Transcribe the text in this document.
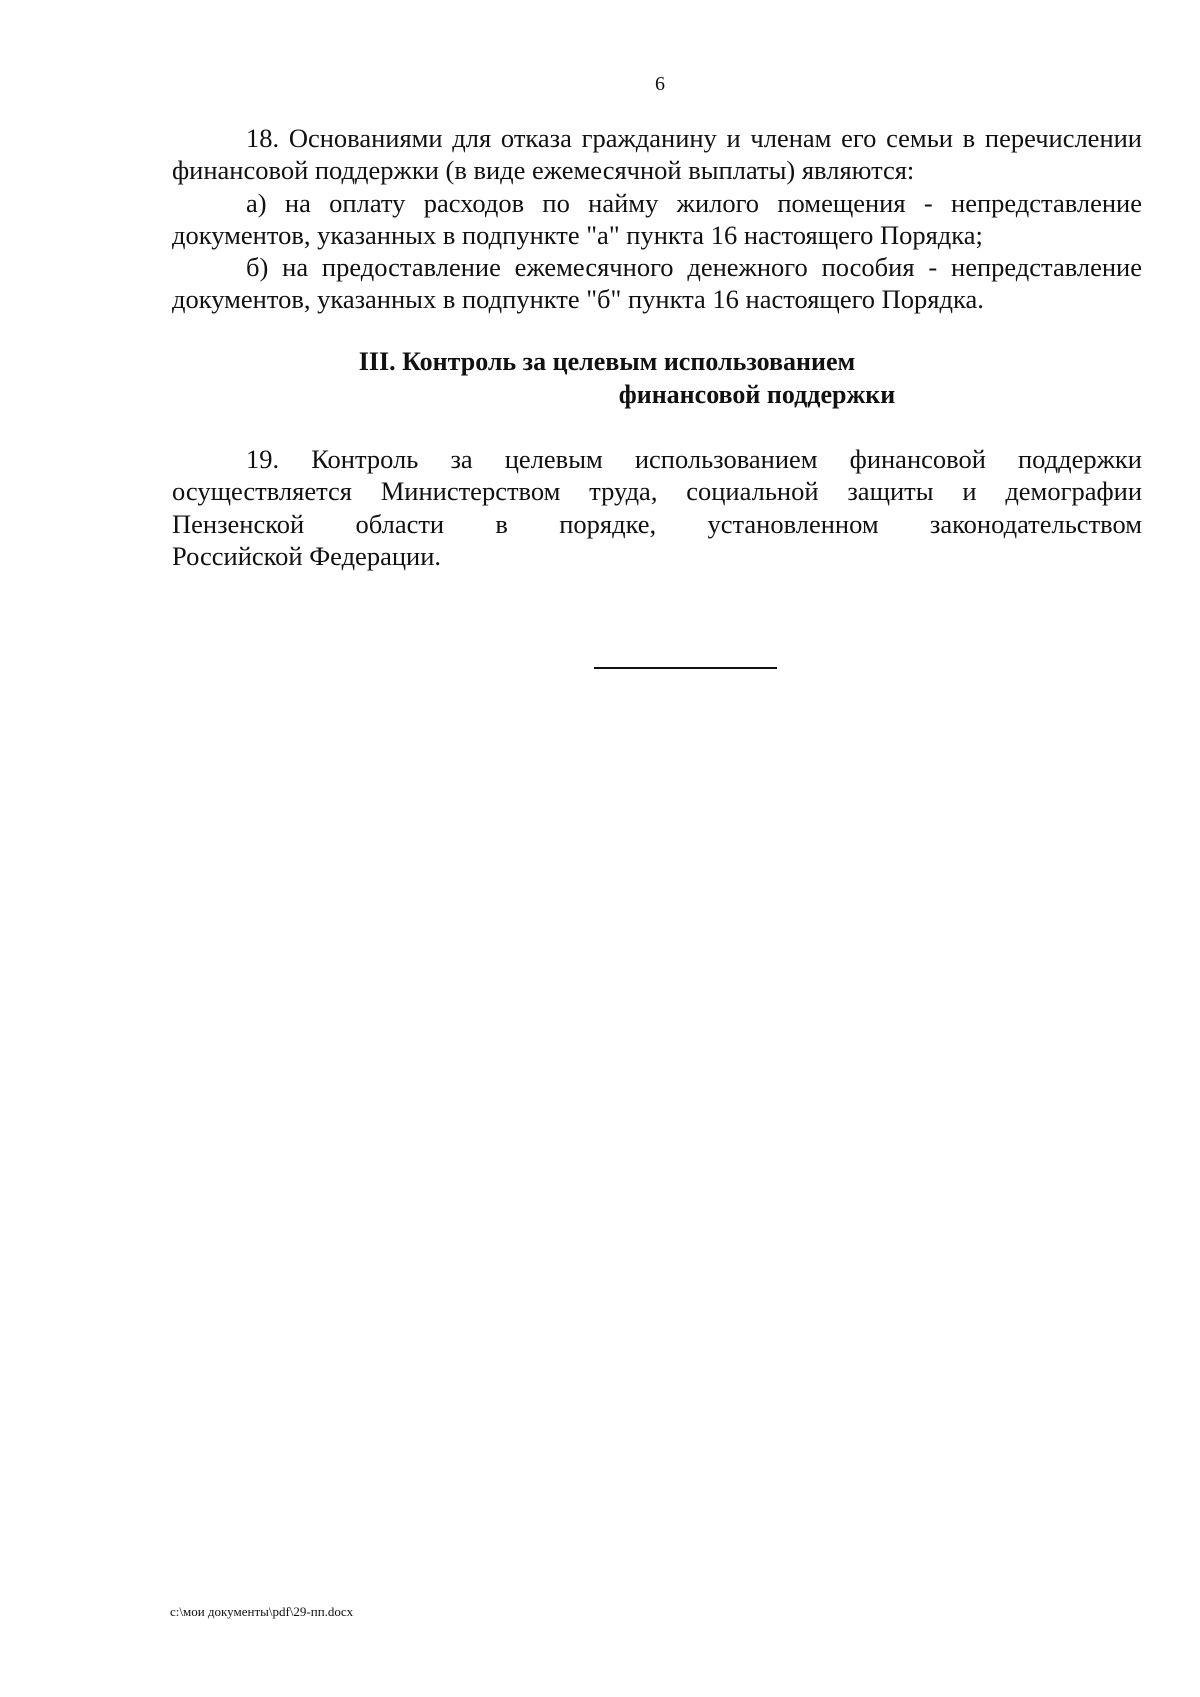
6

18. Основаниями для отказа гражданину и членам его семьи в перечислении финансовой поддержки (в виде ежемесячной выплаты) являются:

а) на оплату расходов по найму жилого помещения - непредставление документов, указанных в подпункте "а" пункта 16 настоящего Порядка;

б) на предоставление ежемесячного денежного пособия - непредставление документов, указанных в подпункте "б" пункта 16 настоящего Порядка.

III. Контроль за целевым использованием
финансовой поддержки

19. Контроль за целевым использованием финансовой поддержки осуществляется Министерством труда, социальной защиты и демографии Пензенской области в порядке, установленном законодательством

Российской Федерации.

c:\мои документы\pdf\29-пп.docx
